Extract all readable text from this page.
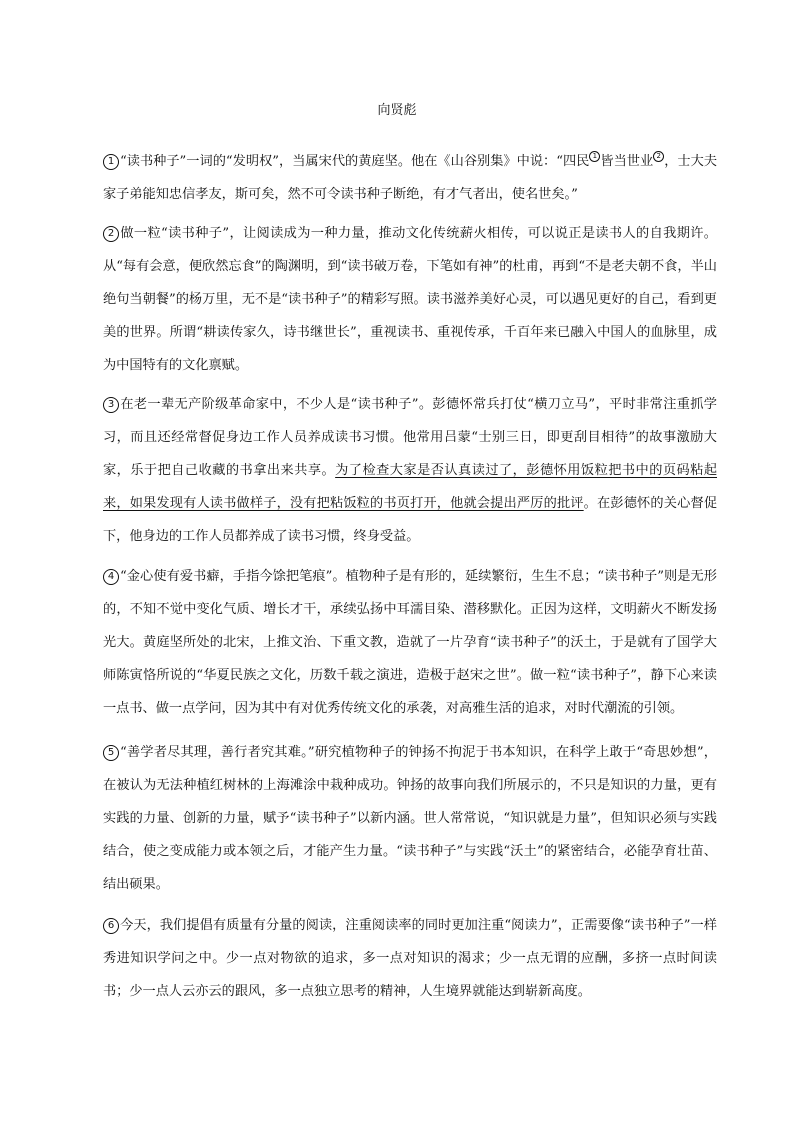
向贤彪
1 “读书种子”一词的“发明权”，当属宋代的黄庭坚。他在《山谷别集》中说：“四民 1 皆当世业 2 ，士大夫家子弟能知忠信孝友，斯可矣，然不可令读书种子断绝，有才气者出，使名世矣。”
2 做一粒“读书种子”，让阅读成为一种力量，推动文化传统薪火相传，可以说正是读书人的自我期许。从“每有会意，便欣然忘食”的陶渊明，到“读书破万卷，下笔如有神”的杜甫，再到“不是老夫朝不食，半山绝句当朝餐”的杨万里，无不是“读书种子”的精彩写照。读书滋养美好心灵，可以遇见更好的自己，看到更美的世界。所谓“耕读传家久，诗书继世长”，重视读书、重视传承，千百年来已融入中国人的血脉里，成为中国特有的文化禀赋。
3 在老一辈无产阶级革命家中，不少人是“读书种子”。彭德怀常兵打仗“横刀立马”，平时非常注重抓学习，而且还经常督促身边工作人员养成读书习惯。他常用吕蒙“士别三日，即更刮目相待”的故事激励大家，乐于把自己收藏的书拿出来共享。为了检查大家是否认真读过了，彭德怀用饭粒把书中的页码粘起来，如果发现有人读书做样子，没有把粘饭粒的书页打开，他就会提出严厉的批评。在彭德怀的关心督促下，他身边的工作人员都养成了读书习惯，终身受益。
4 “金心使有爱书癖，手指今馀把笔痕”。植物种子是有形的，延续繁衍，生生不息；“读书种子”则是无形的，不知不觉中变化气质、增长才干，承续弘扬中耳濡目染、潜移默化。正因为这样，文明薪火不断发扬光大。黄庭坚所处的北宋，上推文治、下重文教，造就了一片孕育“读书种子”的沃土，于是就有了国学大师陈寅恪所说的“华夏民族之文化，历数千载之演进，造极于赵宋之世”。做一粒“读书种子”，静下心来读一点书、做一点学问，因为其中有对优秀传统文化的承袭，对高雅生活的追求，对时代潮流的引领。
5 “善学者尽其理，善行者究其难。”研究植物种子的钟扬不拘泥于书本知识，在科学上敢于“奇思妙想”，在被认为无法种植红树林的上海滩涂中栽种成功。钟扬的故事向我们所展示的，不只是知识的力量，更有实践的力量、创新的力量，赋予“读书种子”以新内涵。世人常常说，“知识就是力量”，但知识必须与实践结合，使之变成能力或本领之后，才能产生力量。“读书种子”与实践“沃土”的紧密结合，必能孕育壮苗、结出硕果。
6 今天，我们提倡有质量有分量的阅读，注重阅读率的同时更加注重“阅读力”，正需要像“读书种子”一样秀进知识学问之中。少一点对物欲的追求，多一点对知识的渴求；少一点无谓的应酬，多挤一点时间读书；少一点人云亦云的跟风，多一点独立思考的精神，人生境界就能达到崭新高度。
